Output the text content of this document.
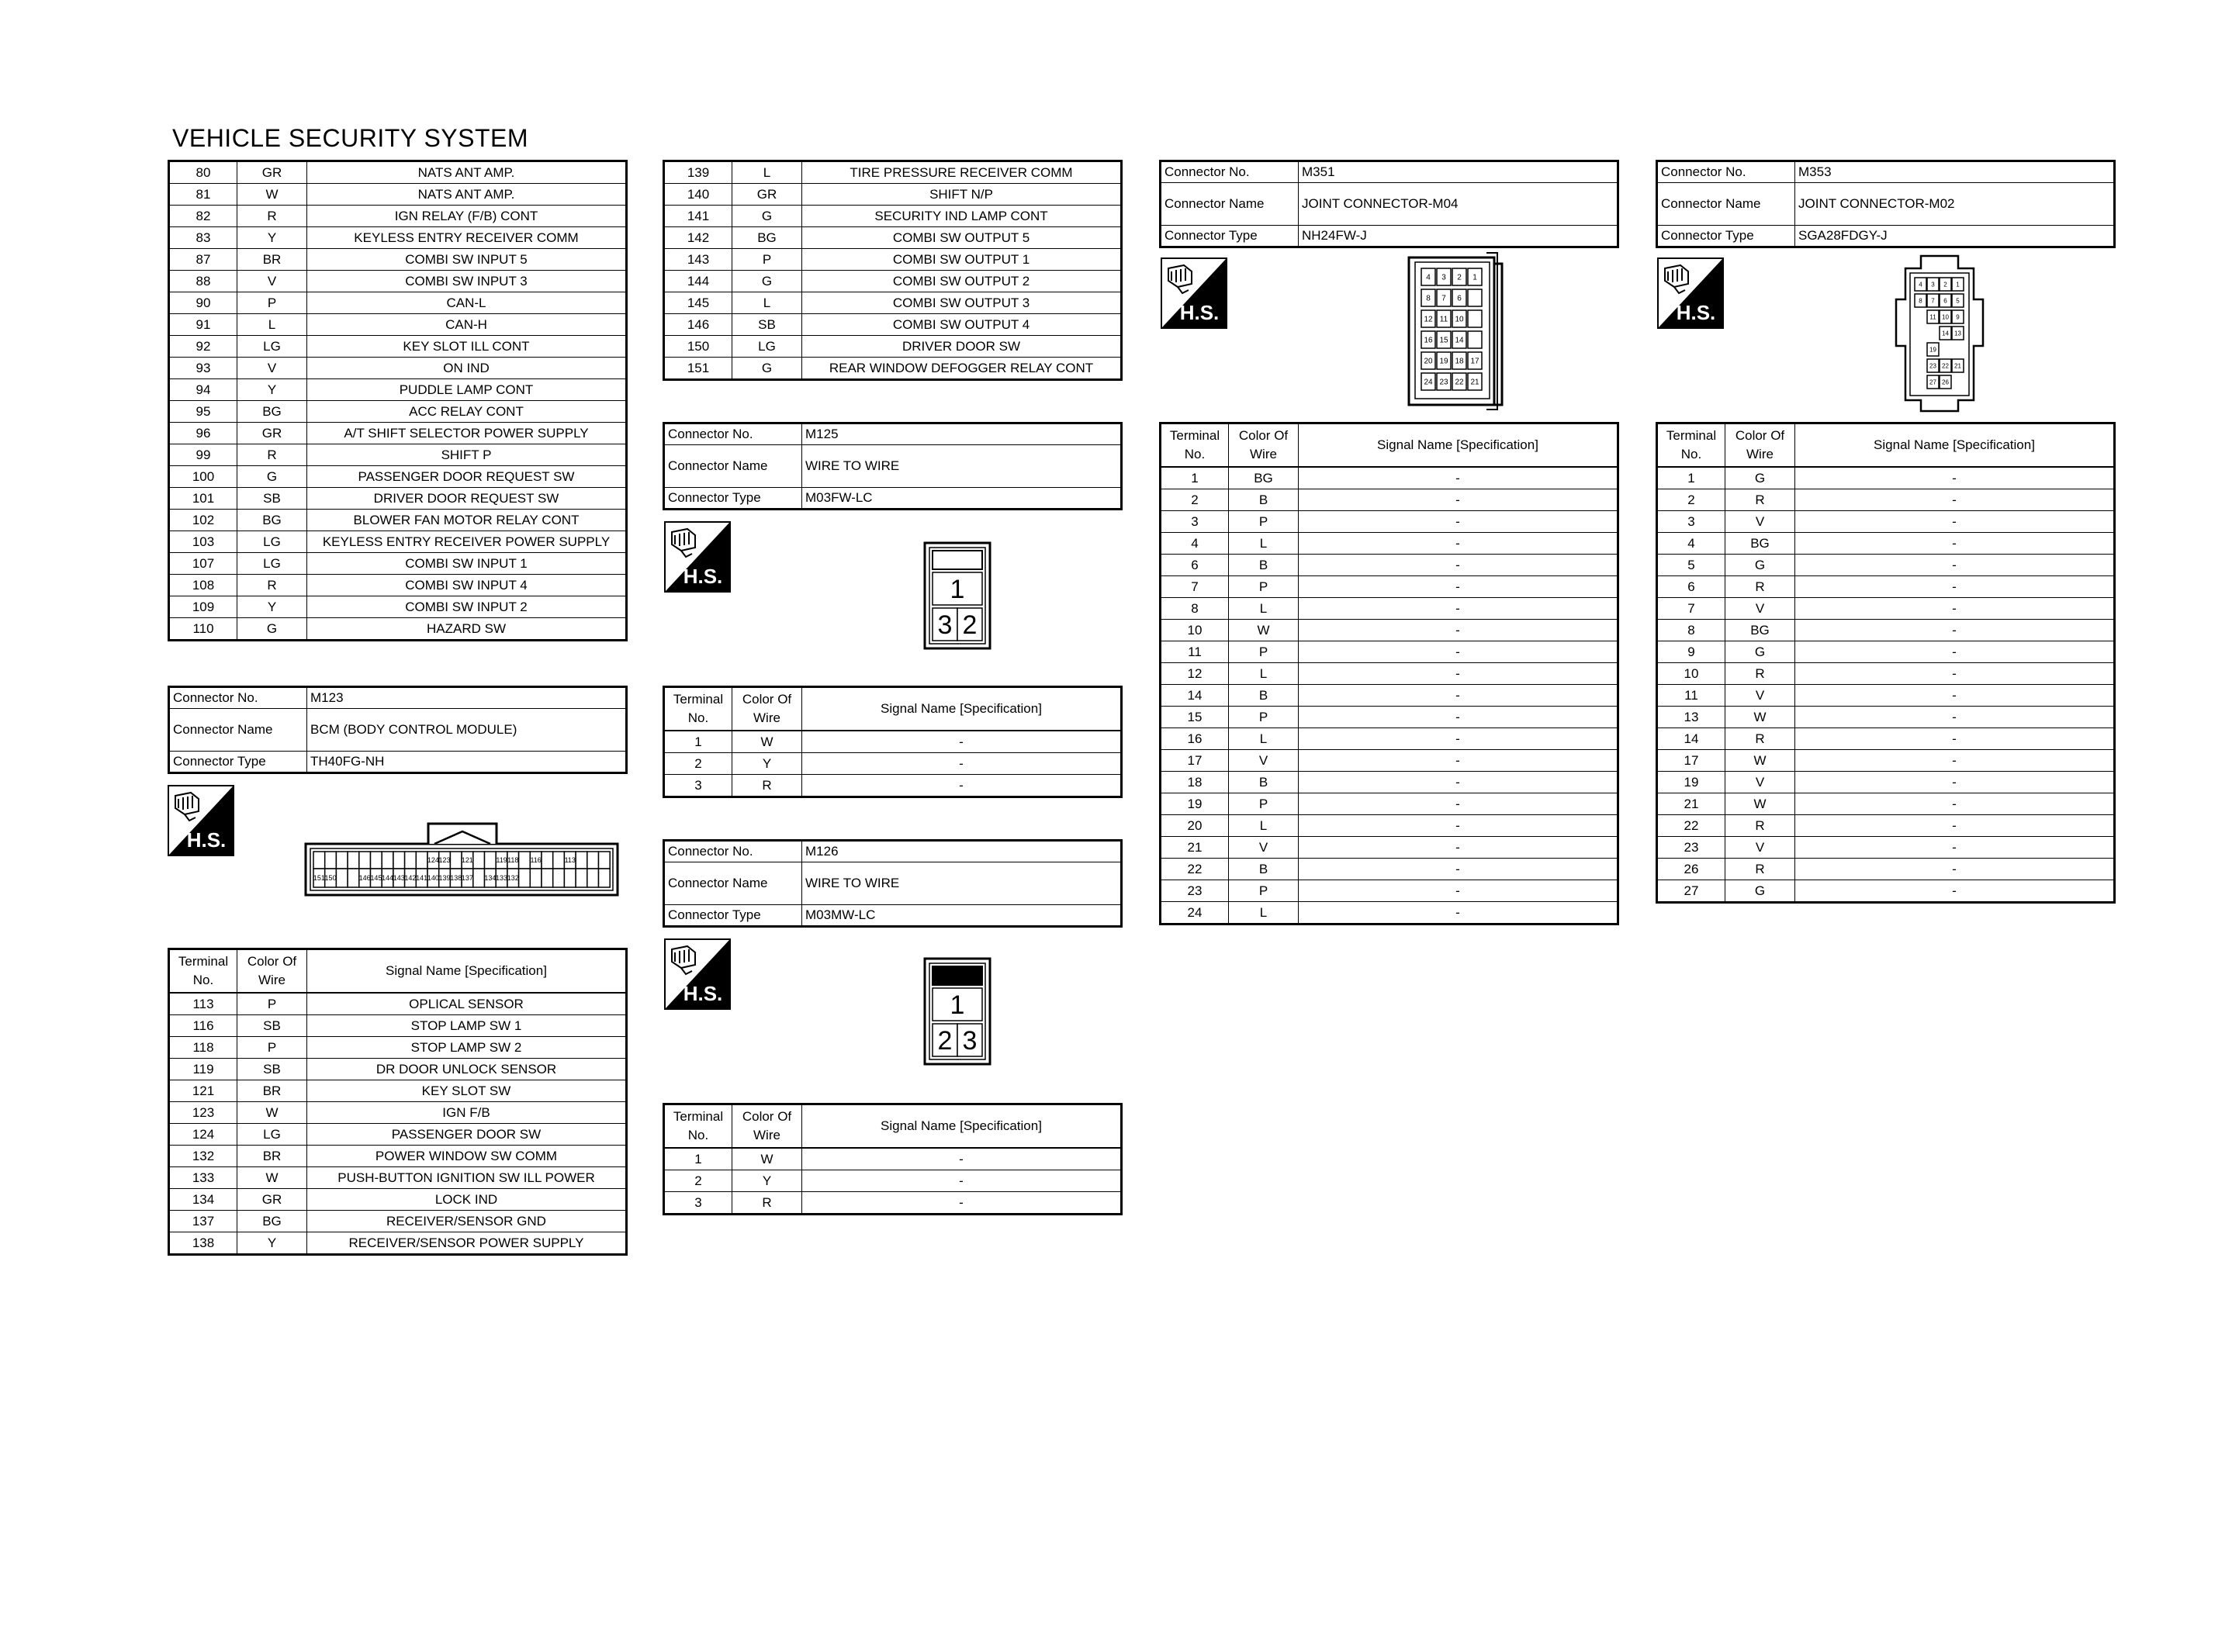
VEHICLE SECURITY SYSTEM
80	GR	NATS ANT AMP.
81	W	NATS ANT AMP.
82	R	IGN RELAY (F/B) CONT
83	Y	KEYLESS ENTRY RECEIVER COMM
87	BR	COMBI SW INPUT 5
88	V	COMBI SW INPUT 3
90	P	CAN-L
91	L	CAN-H
92	LG	KEY SLOT ILL CONT
93	V	ON IND
94	Y	PUDDLE LAMP CONT
95	BG	ACC RELAY CONT
96	GR	A/T SHIFT SELECTOR POWER SUPPLY
99	R	SHIFT P
100	G	PASSENGER DOOR REQUEST SW
101	SB	DRIVER DOOR REQUEST SW
102	BG	BLOWER FAN MOTOR RELAY CONT
103	LG	KEYLESS ENTRY RECEIVER POWER SUPPLY
107	LG	COMBI SW INPUT 1
108	R	COMBI SW INPUT 4
109	Y	COMBI SW INPUT 2
110	G	HAZARD SW
139	L	TIRE PRESSURE RECEIVER COMM
140	GR	SHIFT N/P
141	G	SECURITY IND LAMP CONT
142	BG	COMBI SW OUTPUT 5
143	P	COMBI SW OUTPUT 1
144	G	COMBI SW OUTPUT 2
145	L	COMBI SW OUTPUT 3
146	SB	COMBI SW OUTPUT 4
150	LG	DRIVER DOOR SW
151	G	REAR WINDOW DEFOGGER RELAY CONT
Connector No.	M123
Connector Name	BCM (BODY CONTROL MODULE)
Connector Type	TH40FG-NH
H.S.
124 123 121	119 118 116	113
151 150	146 145 144 143 142 141 140 139 138 137 134 133 132
Terminal No.	Color Of Wire	Signal Name [Specification]
113	P	OPLICAL SENSOR
116	SB	STOP LAMP SW 1
118	P	STOP LAMP SW 2
119	SB	DR DOOR UNLOCK SENSOR
121	BR	KEY SLOT SW
123	W	IGN F/B
124	LG	PASSENGER DOOR SW
132	BR	POWER WINDOW SW COMM
133	W	PUSH-BUTTON IGNITION SW ILL POWER
134	GR	LOCK IND
137	BG	RECEIVER/SENSOR GND
138	Y	RECEIVER/SENSOR POWER SUPPLY
Connector No.	M125
Connector Name	WIRE TO WIRE
Connector Type	M03FW-LC
H.S.	1
3 2
Terminal No.	Color Of Wire	Signal Name [Specification]
1	W	-
2	Y	-
3	R	-
Connector No.	M126
Connector Name	WIRE TO WIRE
Connector Type	M03MW-LC
H.S.	1
2 3
Terminal No.	Color Of Wire	Signal Name [Specification]
1	W	-
2	Y	-
3	R	-
Connector No.	M351
Connector Name	JOINT CONNECTOR-M04
Connector Type	NH24FW-J
H.S.
4 3 2 1
8 7 6
12 11 10
16 15 14
20 19 18 17
24 23 22 21
Terminal No.	Color Of Wire	Signal Name [Specification]
1	BG	-
2	B	-
3	P	-
4	L	-
6	B	-
7	P	-
8	L	-
10	W	-
11	P	-
12	L	-
14	B	-
15	P	-
16	L	-
17	V	-
18	B	-
19	P	-
20	L	-
21	V	-
22	B	-
23	P	-
24	L	-
Connector No.	M353
Connector Name	JOINT CONNECTOR-M02
Connector Type	SGA28FDGY-J
H.S.
4 3 2 1
8 7 6 5
11 10 9
14 13
19
23 22 21
27 26
Terminal No.	Color Of Wire	Signal Name [Specification]
1	G	-
2	R	-
3	V	-
4	BG	-
5	G	-
6	R	-
7	V	-
8	BG	-
9	G	-
10	R	-
11	V	-
13	W	-
14	R	-
17	W	-
19	V	-
21	W	-
22	R	-
23	V	-
26	R	-
27	G	-
